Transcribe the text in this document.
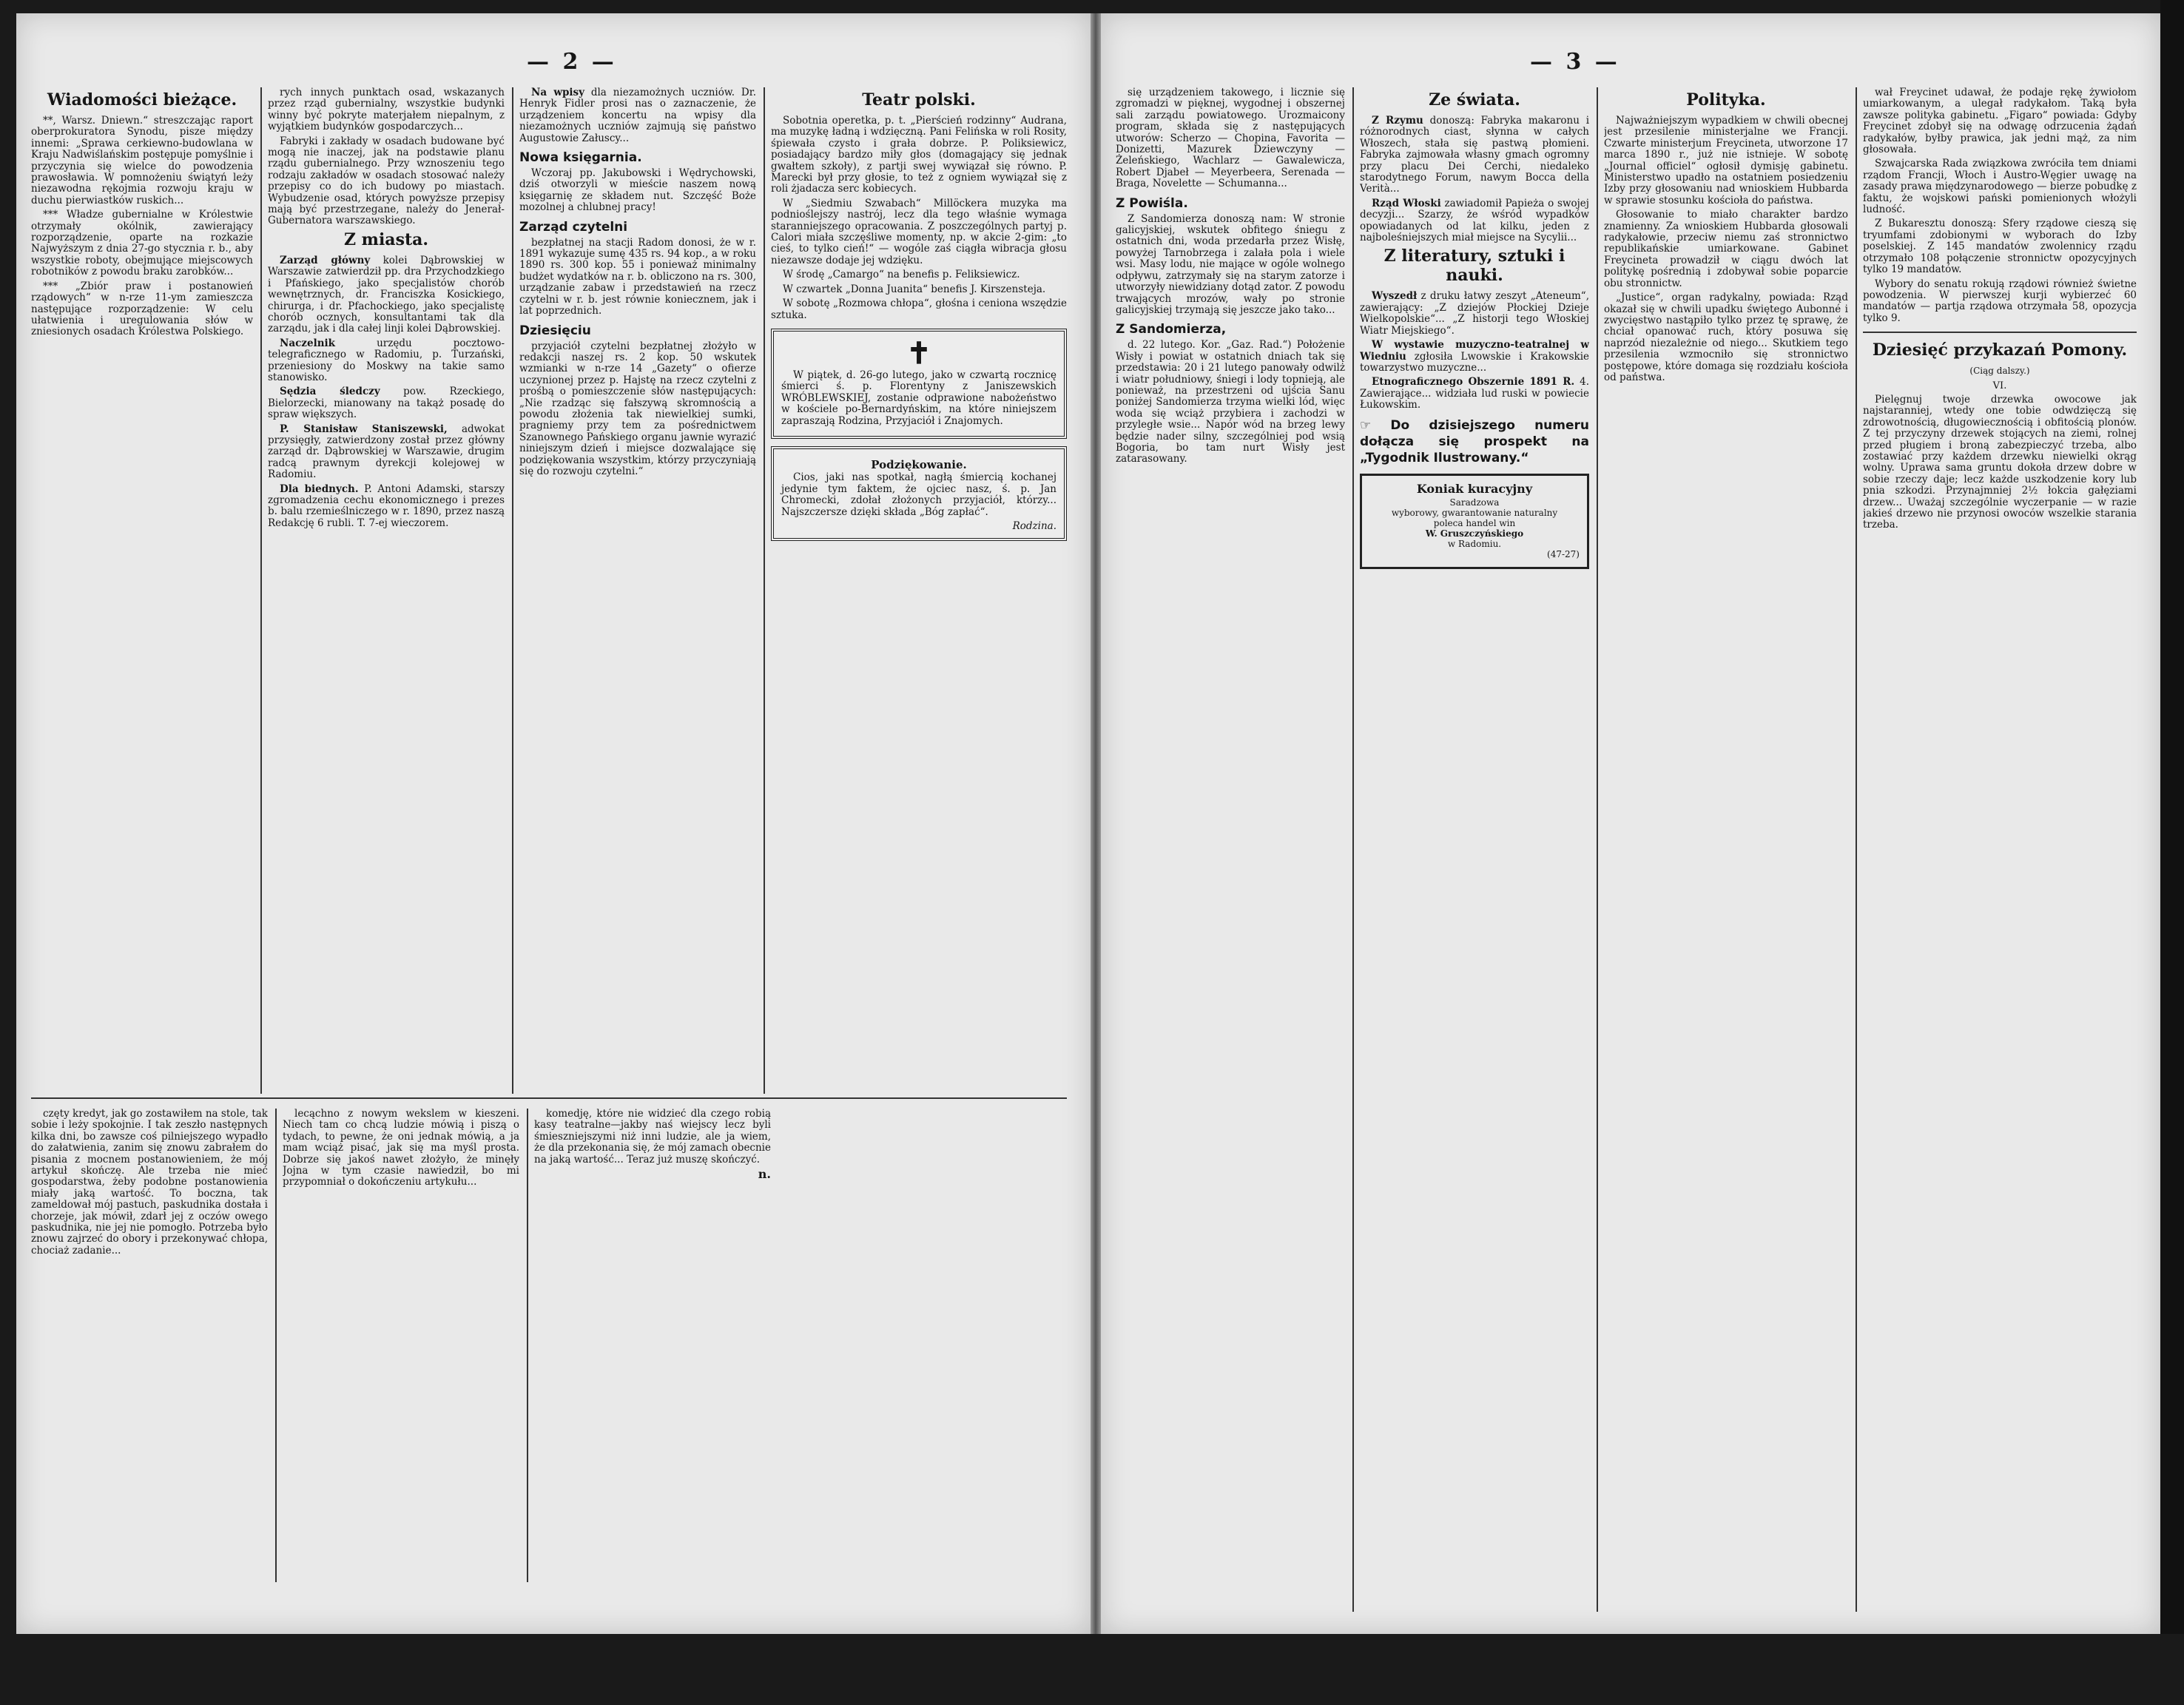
— 2 —
Wiadomości bieżące.

**, Warsz. Dniewn.“ streszczając raport oberprokuratora Synodu, pisze między innemi: „Sprawa cerkiewno-budowlana w Kraju Nadwiślańskim postępuje pomyślnie i przyczynia się wielce do powodzenia prawosławia. W pomnożeniu świątyń leży niezawodna rękojmia rozwoju kraju w duchu pierwiastków ruskich...

*** Władze gubernialne w Królestwie otrzymały okólnik, zawierający rozporządzenie, oparte na rozkazie Najwyższym z dnia 27-go stycznia r. b., aby wszystkie roboty, obejmujące miejscowych robotników z powodu braku zarobków...

*** „Zbiór praw i postanowień rządowych“ w n-rze 11-ym zamieszcza następujące rozporządzenie: W celu ułatwienia i uregulowania słów w zniesionych osadach Królestwa Polskiego.

rych innych punktach osad, wskazanych przez rząd gubernialny, wszystkie budynki winny być pokryte materjałem niepalnym, z wyjątkiem budynków gospodarczych...

Fabryki i zakłady w osadach budowane być mogą nie inaczej, jak na podstawie planu rządu gubernialnego. Przy wznoszeniu tego rodzaju zakładów w osadach stosować należy przepisy co do ich budowy po miastach. Wybudzenie osad, których powyższe przepisy mają być przestrzegane, należy do Jenerał-Gubernatora warszawskiego.

Z miasta.

Zarząd główny kolei Dąbrowskiej w Warszawie zatwierdził pp. dra Przychodzkiego i Pfańskiego, jako specjalistów chorób wewnętrznych, dr. Franciszka Kosickiego, chirurga, i dr. Pfachockiego, jako specjalistę chorób ocznych, konsultantami tak dla zarządu, jak i dla całej linji kolei Dąbrowskiej.

Naczelnik	urzędu pocztowo-telegraficznego w Radomiu, p. Turzański, przeniesiony do Moskwy na takie samo stanowisko.

Sędzia śledczy pow. Rzeckiego, Bielorzecki, mianowany na takąż posadę do spraw większych.

P. Stanisław Staniszewski, adwokat przysięgły, zatwierdzony został przez główny zarząd dr. Dąbrowskiej w Warszawie, drugim radcą prawnym dyrekcji kolejowej w Radomiu.

Dla biednych. P. Antoni Adamski, starszy zgromadzenia cechu ekonomicznego i prezes b. balu rzemieślniczego w r. 1890, przez naszą Redakcję 6 rubli. T. 7-ej wieczorem.

Na wpisy dla niezamożnych uczniów. Dr. Henryk Fidler prosi nas o zaznaczenie, że urządzeniem koncertu na wpisy dla niezamożnych uczniów zajmują się państwo Augustowie Załuscy...

Nowa księgarnia.

Wczoraj pp. Jakubowski i Wędrychowski, dziś otworzyli w mieście naszem nową księgarnię ze składem nut. Szczęść Boże mozolnej a chlubnej pracy!

Zarząd czytelni

bezpłatnej na stacji Radom donosi, że w r. 1891 wykazuje sumę 435 rs. 94 kop., a w roku 1890 rs. 300 kop. 55 i ponieważ minimalny budżet wydatków na r. b. obliczono na rs. 300, urządzanie zabaw i przedstawień na rzecz czytelni w r. b. jest równie koniecznem, jak i lat poprzednich.

Dziesięciu

przyjaciół czytelni bezpłatnej złożyło w redakcji naszej rs. 2 kop. 50 wskutek wzmianki w n-rze 14 „Gazety“ o ofierze uczynionej przez p. Hajstę na rzecz czytelni z prośbą o pomieszczenie słów następujących: „Nie rzadząc się fałszywą skromnością a powodu złożenia tak niewielkiej sumki, pragniemy przy tem za pośrednictwem Szanownego Pańskiego organu jawnie wyrazić niniejszym dzień i miejsce dozwalające się podziękowania wszystkim, którzy przyczyniają się do rozwoju czytelni.“

Teatr polski.

Sobotnia operetka, p. t. „Pierścień rodzinny“ Audrana, ma muzykę ładną i wdzięczną. Pani Felińska w roli Rosity, śpiewała czysto i grała dobrze. P. Poliksiewicz, posiadający bardzo miły głos (domagający się jednak gwałtem szkoły), z partji swej wywiązał się równo. P. Marecki był przy głosie, to też z ogniem wywiązał się z roli żjadacza serc kobiecych.

W „Siedmiu Szwabach“ Millöckera muzyka ma podnioślejszy nastrój, lecz dla tego właśnie wymaga staranniejszego opracowania. Z poszczególnych partyj p. Calori miała szczęśliwe momenty, np. w akcie 2-gim: „to cieś, to tylko cień!“ — wogóle zaś ciągła wibracja głosu niezawsze dodaje jej wdzięku.

W środę „Camargo“ na benefis p. Feliksiewicz.

W czwartek „Donna Juanita“ benefis J. Kirszensteja.

W sobotę „Rozmowa chłopa“, głośna i ceniona wszędzie sztuka.

✝

W piątek, d. 26-go lutego, jako w czwartą rocznicę śmierci ś. p. Florentyny z Janiszewskich WRÓBLEWSKIEJ, zostanie odprawione nabożeństwo w kościele po-Bernardyńskim, na które niniejszem zapraszają Rodzina, Przyjaciół i Znajomych.

Podziękowanie.

Cios, jaki nas spotkał, nagłą śmiercią kochanej jedynie tym faktem, że ojciec nasz, ś. p. Jan Chromecki, zdołał złożonych przyjaciół, którzy... Najszczersze dzięki składa „Bóg zapłać“.

Rodzina.

częty kredyt, jak go zostawiłem na stole, tak sobie i leży spokojnie. I tak zeszło następnych kilka dni, bo zawsze coś pilniejszego wypadło do załatwienia, zanim się znowu zabrałem do pisania z mocnem postanowieniem, że mój artykuł skończę. Ale trzeba nie mieć gospodarstwa, żeby podobne postanowienia miały jaką wartość. To boczna, tak zameldował mój pastuch, paskudnika dostała i chorzeje, jak mówił, zdarł jej z oczów owego paskudnika, nie jej nie pomogło. Potrzeba było znowu zajrzeć do obory i przekonywać chłopa, chociaż zadanie...

lecąchno z nowym wekslem w kieszeni. Niech tam co chcą ludzie mówią i piszą o tydach, to pewne, że oni jednak mówią, a ja mam wciąż pisać, jak się ma myśl prosta. Dobrze się jakoś nawet złożyło, że minęły Jojna w tym czasie nawiedził, bo mi przypomniał o dokończeniu artykułu...

komedję, które nie widzieć dla czego robią kasy teatralne—jakby naś wiejscy lecz byli śmieszniejszymi niż inni ludzie, ale ja wiem, że dla przekonania się, że mój zamach obecnie na jaką wartość... Teraz już muszę skończyć.

n.
— 3 —

się urządzeniem takowego, i licznie się zgromadzi w pięknej, wygodnej i obszernej sali zarządu powiatowego. Urozmaicony program, składa się z następujących utworów: Scherzo — Chopina, Favorita — Donizetti, Mazurek Dziewczyny — Żeleńskiego, Wachlarz — Gawalewicza, Robert Djabeł — Meyerbeera, Serenada — Braga, Novelette — Schumanna...

Z Powiśla.

Z Sandomierza donoszą nam: W stronie galicyjskiej, wskutek obfitego śniegu z ostatnich dni, woda przedarła przez Wisłę, powyżej Tarnobrzega i zalała pola i wiele wsi. Masy lodu, nie mające w ogóle wolnego odpływu, zatrzymały się na starym zatorze i utworzyły niewidziany dotąd zator. Z powodu trwających mrozów, wały po stronie galicyjskiej trzymają się jeszcze jako tako...

Z Sandomierza,

d. 22 lutego. Kor. „Gaz. Rad.“) Położenie Wisły i powiat w ostatnich dniach tak się przedstawia: 20 i 21 lutego panowały odwilż i wiatr południowy, śniegi i lody topnieją, ale ponieważ, na przestrzeni od ujścia Sanu poniżej Sandomierza trzyma wielki lód, więc woda się wciąż przybiera i zachodzi w przyległe wsie... Napór wód na brzeg lewy będzie nader silny, szczególniej pod wsią Bogoria, bo tam nurt Wisły jest zatarasowany.

Ze świata.

Z Rzymu donoszą: Fabryka makaronu i różnorodnych ciast, słynna w całych Włoszech, stała się pastwą płomieni. Fabryka zajmowała własny gmach ogromny przy placu Dei Cerchi, niedaleko starodytnego Forum, nawym Bocca della Verità...

Rząd Włoski zawiadomił Papieża o swojej decyzji... Szarzy, że wśród wypadków opowiadanych od lat kilku, jeden z najboleśniejszych miał miejsce na Sycylii...

Z literatury, sztuki i nauki.

Wyszedł z druku łatwy zeszyt „Ateneum“, zawierający: „Z dziejów Płockiej Dzieje Wielkopolskie“... „Z historji tego Włoskiej Wiatr Miejskiego“.

W wystawie muzyczno-teatralnej w Wiedniu zgłosiła Lwowskie i Krakowskie towarzystwo muzyczne...

Etnograficznego Obszernie 1891 R. 4. Zawierające... widziała lud ruski w powiecie Łukowskim.

☞ Do dzisiejszego numeru dołącza się prospekt na „Tygodnik Ilustrowany.“
Koniak kuracyjny
Saradzowa
wyborowy, gwarantowanie naturalny
poleca handel win
W. Gruszczyńskiego
w Radomiu.
(47-27)
Polityka.

Najważniejszym wypadkiem w chwili obecnej jest przesilenie ministerjalne we Francji. Czwarte ministerjum Freycineta, utworzone 17 marca 1890 r., już nie istnieje. W sobotę „Journal officiel“ ogłosił dymisję gabinetu. Ministerstwo upadło na ostatniem posiedzeniu Izby przy głosowaniu nad wnioskiem Hubbarda w sprawie stosunku kościoła do państwa.

Głosowanie to miało charakter bardzo znamienny. Za wnioskiem Hubbarda głosowali radykałowie, przeciw niemu zaś stronnictwo republikańskie umiarkowane. Gabinet Freycineta prowadził w ciągu dwóch lat politykę pośrednią i zdobywał sobie poparcie obu stronnictw.

„Justice“, organ radykalny, powiada: Rząd okazał się w chwili upadku świętego Aubonné i zwycięstwo nastąpiło tylko przez tę sprawę, że chciał opanować ruch, który posuwa się naprzód niezależnie od niego... Skutkiem tego przesilenia wzmocniło się stronnictwo postępowe, które domaga się rozdziału kościoła od państwa.

wał Freycinet udawał, że podaje rękę żywiołom umiarkowanym, a ulegał radykałom. Taką była zawsze polityka gabinetu. „Figaro“ powiada: Gdyby Freycinet zdobył się na odwagę odrzucenia żądań radykałów, byłby prawica, jak jedni mąż, za nim głosowała.

Szwajcarska Rada związkowa zwróciła tem dniami rządom Francji, Włoch i Austro-Węgier uwagę na zasady prawa międzynarodowego — bierze pobudkę z faktu, że wojskowi pański pomienionych włożyli ludność.

Z Bukaresztu donoszą: Sfery rządowe cieszą się tryumfami zdobionymi w wyborach do Izby poselskiej. Z 145 mandatów zwolennicy rządu otrzymało 108 połączenie stronnictw opozycyjnych tylko 19 mandatów.

Wybory do senatu rokują rządowi również świetne powodzenia. W pierwszej kurji wybierzeć 60 mandatów — partja rządowa otrzymała 58, opozycja tylko 9.

Dziesięć przykazań Pomony.
(Ciąg dalszy.)
VI.

Pielęgnuj twoje drzewka owocowe jak najstaranniej, wtedy one tobie odwdzięczą się zdrowotnością, długowiecznością i obfitością plonów. Z tej przyczyny drzewek stojących na ziemi, rolnej przed pługiem i broną zabezpieczyć trzeba, albo zostawiać przy każdem drzewku niewielki okrąg wolny. Uprawa sama gruntu dokoła drzew dobre w sobie rzeczy daje; lecz każde uszkodzenie kory lub pnia szkodzi. Przynajmniej 2½ łokcia gałęziami drzew... Uważaj szczególnie wyczerpanie — w razie jakieś drzewo nie przynosi owoców wszelkie starania trzeba.
